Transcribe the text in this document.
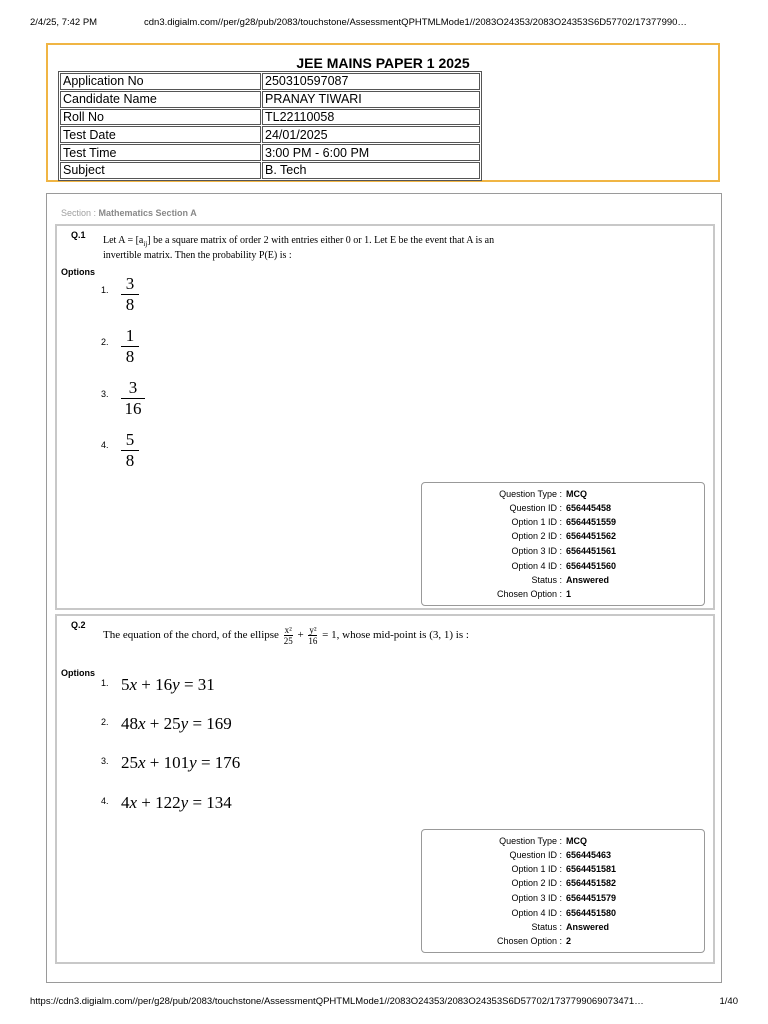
2/4/25, 7:42 PM	cdn3.digialm.com//per/g28/pub/2083/touchstone/AssessmentQPHTMLMode1//2083O24353/2083O24353S6D57702/17377990…
JEE MAINS PAPER 1 2025
Application No	250310597087
Candidate Name	PRANAY TIWARI
Roll No	TL22110058
Test Date	24/01/2025
Test Time	3:00 PM - 6:00 PM
Subject	B. Tech
Section : Mathematics Section A
Q.1 Let $A = [a_{ij}]$ be a square matrix of order 2 with entries either 0 or 1. Let E be the event that A is an
invertible matrix. Then the probability P(E) is :
Options
1. 3
8
2. 1
8
3.	3
16
4. 5
8
Question Type : MCQ
Question ID : 656445458
Option 1 ID : 6564451559
Option 2 ID : 6564451562
Option 3 ID : 6564451561
Option 4 ID : 6564451560
Status : Answered
Chosen Option : 1
Q.2
The equation of the chord, of the ellipse $\frac{\text{x²}}{25} + \frac{\text{y²}}{16} = 1$, whose mid-point is (3, 1) is :
Options
1. 5x + 16y = 31
2. 48x + 25y = 169
3. 25x + 101y = 176
4. 4x + 122y = 134
Question Type : MCQ
Question ID : 656445463
Option 1 ID : 6564451581
Option 2 ID : 6564451582
Option 3 ID : 6564451579
Option 4 ID : 6564451580
Status : Answered
Chosen Option : 2
https://cdn3.digialm.com//per/g28/pub/2083/touchstone/AssessmentQPHTMLMode1//2083O24353/2083O24353S6D57702/1737799069073471…	1/40
